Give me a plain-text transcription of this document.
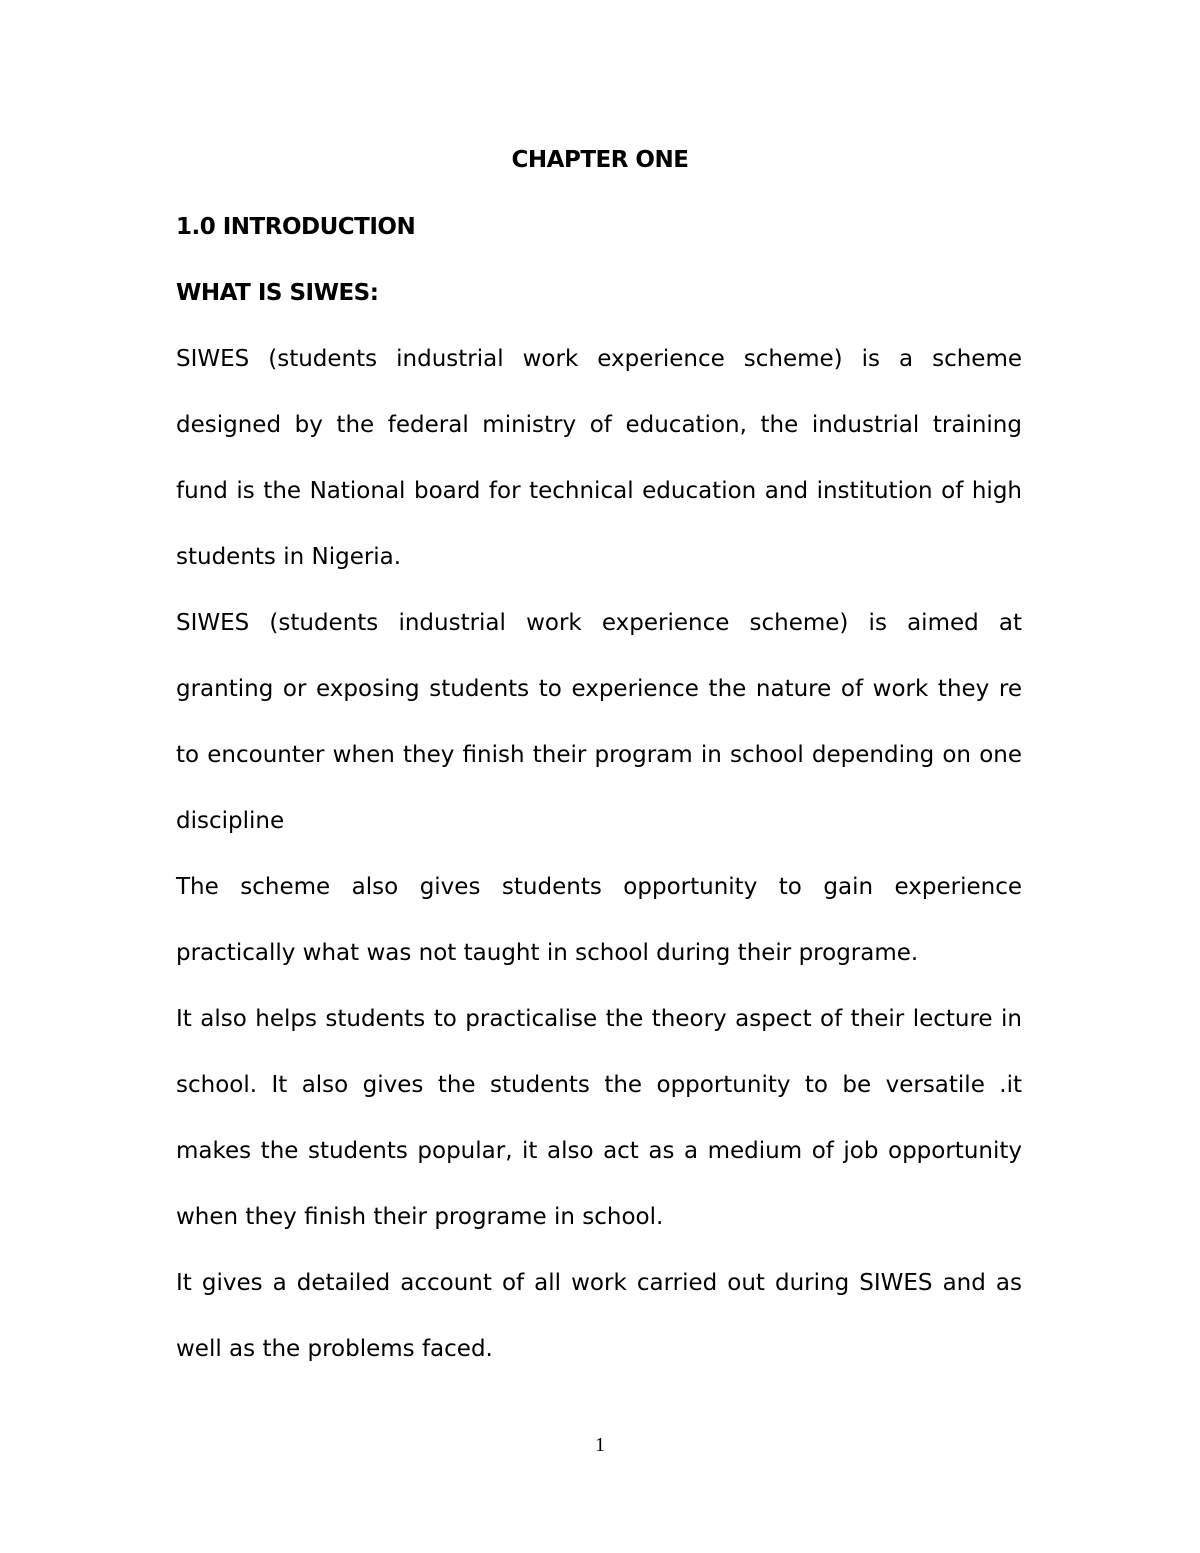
CHAPTER ONE
1.0 INTRODUCTION
WHAT IS SIWES:

SIWES (students industrial work experience scheme) is a scheme designed by the federal ministry of education, the industrial training fund is the National board for technical education and institution of high students in Nigeria.

SIWES (students industrial work experience scheme) is aimed at granting or exposing students to experience the nature of work they re to encounter when they finish their program in school depending on one discipline

The scheme also gives students opportunity to gain experience practically what was not taught in school during their programe.

It also helps students to practicalise the theory aspect of their lecture in school. It also gives the students the opportunity to be versatile .it makes the students popular, it also act as a medium of job opportunity when they finish their programe in school.

It gives a detailed account of all work carried out during SIWES and as well as the problems faced.

1
